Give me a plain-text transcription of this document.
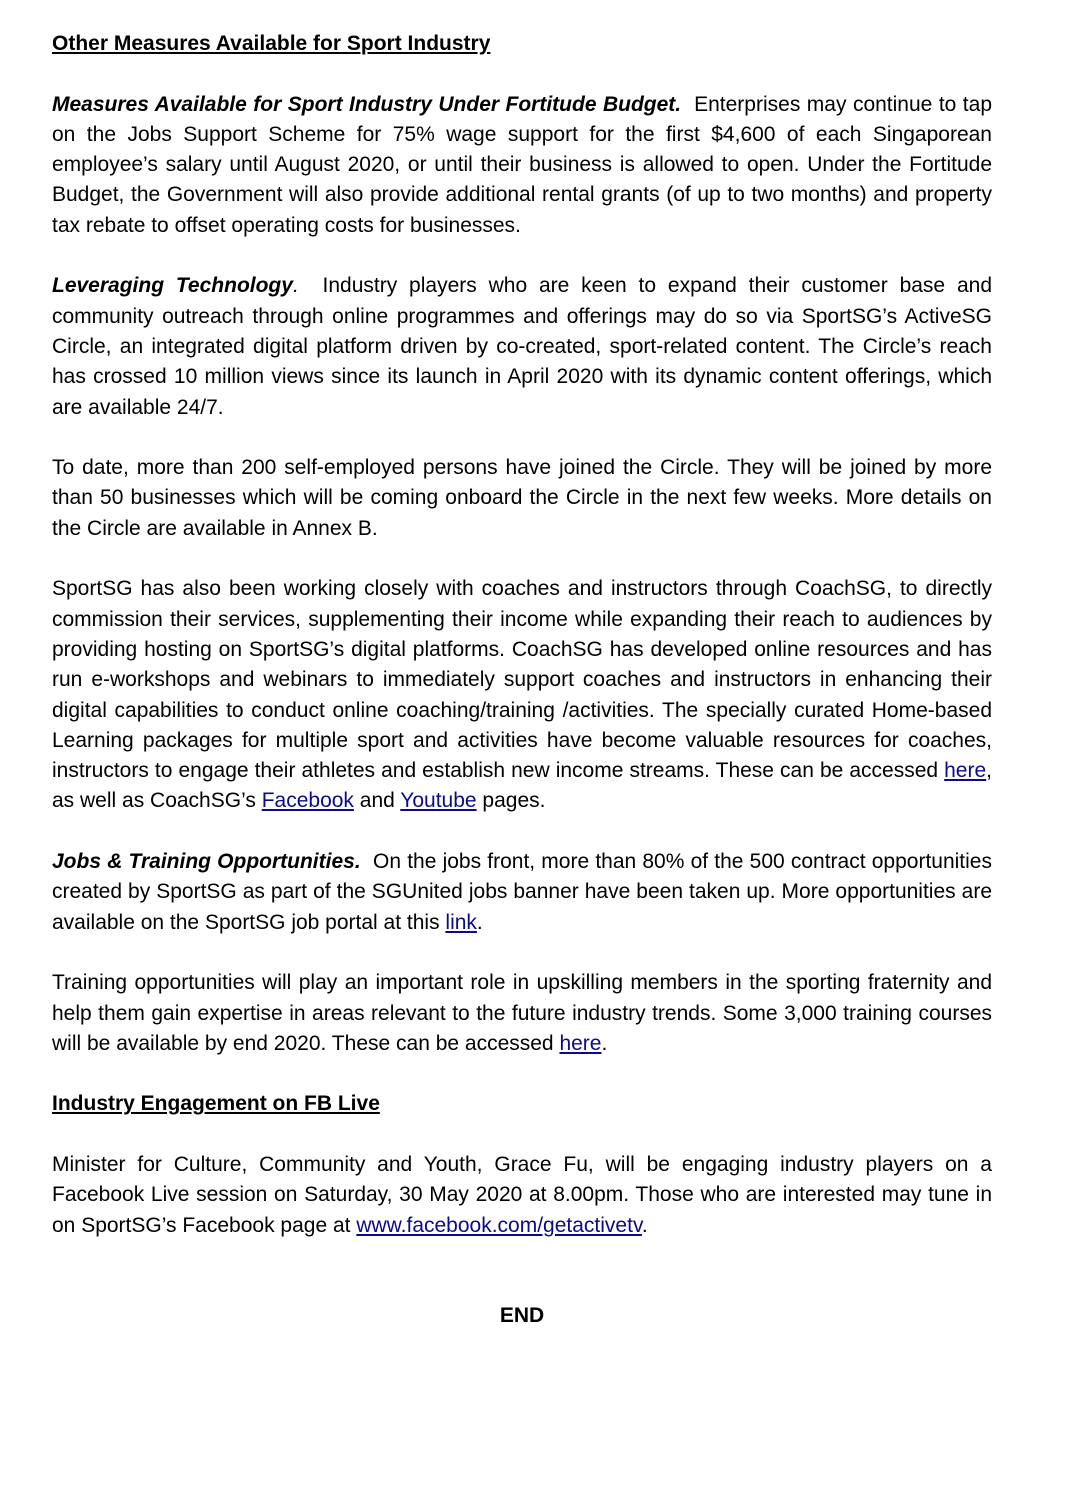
Other Measures Available for Sport Industry

Measures Available for Sport Industry Under Fortitude Budget. Enterprises may continue to tap on the Jobs Support Scheme for 75% wage support for the first $4,600 of each Singaporean employee’s salary until August 2020, or until their business is allowed to open. Under the Fortitude Budget, the Government will also provide additional rental grants (of up to two months) and property tax rebate to offset operating costs for businesses.

Leveraging Technology. Industry players who are keen to expand their customer base and community outreach through online programmes and offerings may do so via SportSG’s ActiveSG Circle, an integrated digital platform driven by co-created, sport-related content. The Circle’s reach has crossed 10 million views since its launch in April 2020 with its dynamic content offerings, which are available 24/7.

To date, more than 200 self-employed persons have joined the Circle. They will be joined by more than 50 businesses which will be coming onboard the Circle in the next few weeks. More details on the Circle are available in Annex B.

SportSG has also been working closely with coaches and instructors through CoachSG, to directly commission their services, supplementing their income while expanding their reach to audiences by providing hosting on SportSG’s digital platforms. CoachSG has developed online resources and has run e-workshops and webinars to immediately support coaches and instructors in enhancing their digital capabilities to conduct online coaching/training /activities. The specially curated Home-based Learning packages for multiple sport and activities have become valuable resources for coaches, instructors to engage their athletes and establish new income streams. These can be accessed here, as well as CoachSG’s Facebook and Youtube pages.

Jobs & Training Opportunities. On the jobs front, more than 80% of the 500 contract opportunities created by SportSG as part of the SGUnited jobs banner have been taken up. More opportunities are available on the SportSG job portal at this link.

Training opportunities will play an important role in upskilling members in the sporting fraternity and help them gain expertise in areas relevant to the future industry trends. Some 3,000 training courses will be available by end 2020. These can be accessed here.

Industry Engagement on FB Live

Minister for Culture, Community and Youth, Grace Fu, will be engaging industry players on a Facebook Live session on Saturday, 30 May 2020 at 8.00pm. Those who are interested may tune in on SportSG’s Facebook page at www.facebook.com/getactivetv.

END
